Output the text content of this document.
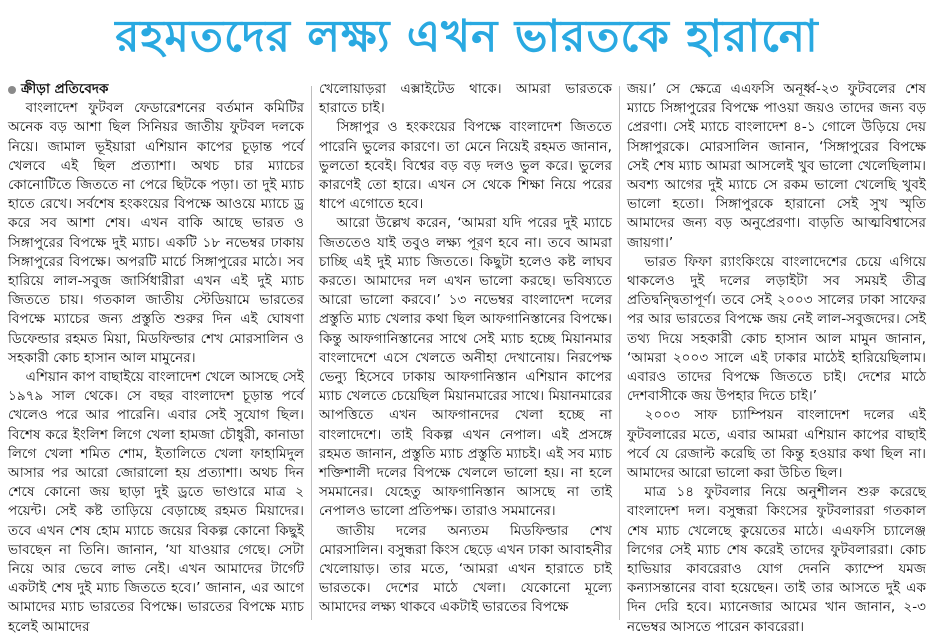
রহমতদের লক্ষ্য এখন ভারতকে হারানো
ক্রীড়া প্রতিবেদক

বাংলাদেশ ফুটবল ফেডারেশনের বর্তমান কমিটির অনেক বড় আশা ছিল সিনিয়র জাতীয় ফুটবল দলকে নিয়ে। জামাল ভূইয়ারা এশিয়ান কাপের চূড়ান্ত পর্বে খেলবে এই ছিল প্রত্যাশা। অথচ চার ম্যাচের কোনোটিতে জিততে না পেরে ছিটকে পড়া। তা দুই ম্যাচ হাতে রেখে। সর্বশেষ হংকংয়ের বিপক্ষে আওয়ে ম্যাচে ড্র করে সব আশা শেষ। এখন বাকি আছে ভারত ও সিঙ্গাপুরের বিপক্ষে দুই ম্যাচ। একটি ১৮ নভেম্বর ঢাকায় সিঙ্গাপুরের বিপক্ষে। অপরটি মার্চে সিঙ্গাপুরের মাঠে। সব হারিয়ে লাল-সবুজ জার্সিধারীরা এখন এই দুই ম্যাচ জিততে চায়। গতকাল জাতীয় স্টেডিয়ামে ভারতের বিপক্ষে ম্যাচের জন্য প্রস্তুতি শুরুর দিন এই ঘোষণা ডিফেন্ডার রহমত মিয়া, মিডফিল্ডার শেখ মোরসালিন ও সহকারী কোচ হাসান আল মামুনের।

এশিয়ান কাপ বাছাইয়ে বাংলাদেশ খেলে আসছে সেই ১৯৭৯ সাল থেকে। সে বছর বাংলাদেশ চূড়ান্ত পর্বে খেলেও পরে আর পারেনি। এবার সেই সুযোগ ছিল। বিশেষ করে ইংলিশ লিগে খেলা হামজা চৌধুরী, কানাডা লিগে খেলা শমিত শোম, ইতালিতে খেলা ফাহামিদুল আসার পর আরো জোরালো হয় প্রত্যাশা। অথচ দিন শেষে কোনো জয় ছাড়া দুই ড্রতে ভাণ্ডারে মাত্র ২ পয়েন্ট। সেই কষ্ট তাড়িয়ে বেড়াচ্ছে রহমত মিয়াদের। তবে এখন শেষ হোম ম্যাচে জয়ের বিকল্প কোনো কিছুই ভাবছেন না তিনি। জানান, ‘যা যাওয়ার গেছে। সেটা নিয়ে আর ভেবে লাভ নেই। এখন আমাদের টার্গেট একটাই শেষ দুই ম্যাচ জিততে হবে।’ জানান, এর আগে আমাদের ম্যাচ ভারতের বিপক্ষে। ভারতের বিপক্ষে ম্যাচ হলেই আমাদের

খেলোয়াড়রা এক্সাইটেড থাকে। আমরা ভারতকে হারাতে চাই।

সিঙ্গাপুর ও হংকংয়ের বিপক্ষে বাংলাদেশ জিততে পারেনি ভুলের কারণে। তা মেনে নিয়েই রহমত জানান, ভুলতো হবেই। বিশ্বের বড় বড় দলও ভুল করে। ভুলের কারণেই তো হারে। এখন সে থেকে শিক্ষা নিয়ে পরের ধাপে এগোতে হবে।

আরো উল্লেখ করেন, ‘আমরা যদি পরের দুই ম্যাচে জিততেও যাই তবুও লক্ষ্য পূরণ হবে না। তবে আমরা চাচ্ছি এই দুই ম্যাচ জিততে। কিছুটা হলেও কষ্ট লাঘব করতে। আমাদের দল এখন ভালো করছে। ভবিষ্যতে আরো ভালো করবে।’ ১৩ নভেম্বর বাংলাদেশ দলের প্রস্তুতি ম্যাচ খেলার কথা ছিল আফগানিস্তানের বিপক্ষে। কিন্তু আফগানিস্তানের সাথে সেই ম্যাচ হচ্ছে মিয়ানমার বাংলাদেশে এসে খেলতে অনীহা দেখানোয়। নিরপেক্ষ ভেন্যু হিসেবে ঢাকায় আফগানিস্তান এশিয়ান কাপের ম্যাচ খেলতে চেয়েছিল মিয়ানমারের সাথে। মিয়ানমারের আপত্তিতে এখন আফগানদের খেলা হচ্ছে না বাংলাদেশে। তাই বিকল্প এখন নেপাল। এই প্রসঙ্গে রহমত জানান, প্রস্তুতি ম্যাচ প্রস্তুতি ম্যাচই। এই সব ম্যাচ শক্তিশালী দলের বিপক্ষে খেললে ভালো হয়। না হলে সমমানের। যেহেতু আফগানিস্তান আসছে না তাই নেপালও ভালো প্রতিপক্ষ। তারাও সমমানের।

জাতীয় দলের অন্যতম মিডফিল্ডার শেখ মোরসালিন। বসুন্ধরা কিংস ছেড়ে এখন ঢাকা আবাহনীর খেলোয়াড়। তার মতে, ‘আমরা এখন হারাতে চাই ভারতকে। দেশের মাঠে খেলা। যেকোনো মূল্যে আমাদের লক্ষ্য থাকবে একটাই ভারতের বিপক্ষে

জয়।’ সে ক্ষেত্রে এএফসি অনূর্ধ্ব-২৩ ফুটবলের শেষ ম্যাচে সিঙ্গাপুরের বিপক্ষে পাওয়া জয়ও তাদের জন্য বড় প্রেরণা। সেই ম্যাচে বাংলাদেশ ৪-১ গোলে উড়িয়ে দেয় সিঙ্গাপুরকে। মোরসালিন জানান, ‘সিঙ্গাপুরের বিপক্ষে সেই শেষ ম্যাচ আমরা আসলেই খুব ভালো খেলেছিলাম। অবশ্য আগের দুই ম্যাচে সে রকম ভালো খেলেছি খুবই ভালো হতো। সিঙ্গাপুরকে হারানো সেই সুখ স্মৃতি আমাদের জন্য বড় অনুপ্রেরণা। বাড়তি আত্মবিশ্বাসের জায়গা।’

ভারত ফিফা র‌্যাংকিংয়ে বাংলাদেশের চেয়ে এগিয়ে থাকলেও দুই দলের লড়াইটা সব সময়ই তীব্র প্রতিদ্বন্দ্বিতাপূর্ণ। তবে সেই ২০০৩ সালের ঢাকা সাফের পর আর ভারতের বিপক্ষে জয় নেই লাল-সবুজদের। সেই তথ্য দিয়ে সহকারী কোচ হাসান আল মামুন জানান, ‘আমরা ২০০৩ সালে এই ঢাকার মাঠেই হারিয়েছিলাম। এবারও তাদের বিপক্ষে জিততে চাই। দেশের মাঠে দেশবাসীকে জয় উপহার দিতে চাই।’

২০০৩ সাফ চ্যাম্পিয়ন বাংলাদেশ দলের এই ফুটবলারের মতে, এবার আমরা এশিয়ান কাপের বাছাই পর্বে যে রেজাল্ট করেছি তা কিন্তু হওয়ার কথা ছিল না। আমাদের আরো ভালো করা উচিত ছিল।

মাত্র ১৪ ফুটবলার নিয়ে অনুশীলন শুরু করেছে বাংলাদেশ দল। বসুন্ধরা কিংসের ফুটবলাররা গতকাল শেষ ম্যাচ খেলেছে কুয়েতের মাঠে। এএফসি চ্যালেঞ্জ লিগের সেই ম্যাচ শেষ করেই তাদের ফুটবলাররা। কোচ হাভিয়ার কাবরেরাও যোগ দেননি ক্যাম্পে যমজ কন্যাসন্তানের বাবা হয়েছেন। তাই তার আসতে দুই এক দিন দেরি হবে। ম্যানেজার আমের খান জানান, ২-৩ নভেম্বর আসতে পারেন কাবরেরা।
